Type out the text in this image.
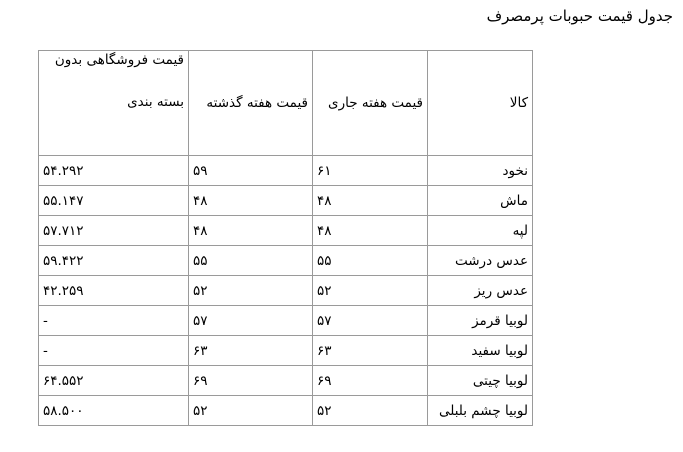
جدول قیمت حبوبات پرمصرف
کالا	قیمت هفته جاری	قیمت هفته گذشته	قیمت فروشگاهی بدون
بسته بندی

نخود	۶۱	۵۹	۵۴.۲۹۲
ماش	۴۸	۴۸	۵۵.۱۴۷
لپه	۴۸	۴۸	۵۷.۷۱۲
عدس درشت	۵۵	۵۵	۵۹.۴۲۲
عدس ریز	۵۲	۵۲	۴۲.۲۵۹
لوبیا قرمز	۵۷	۵۷	-
لوبیا سفید	۶۳	۶۳	-
لوبیا چیتی	۶۹	۶۹	۶۴.۵۵۲
لوبیا چشم بلبلی	۵۲	۵۲	۵۸.۵۰۰
